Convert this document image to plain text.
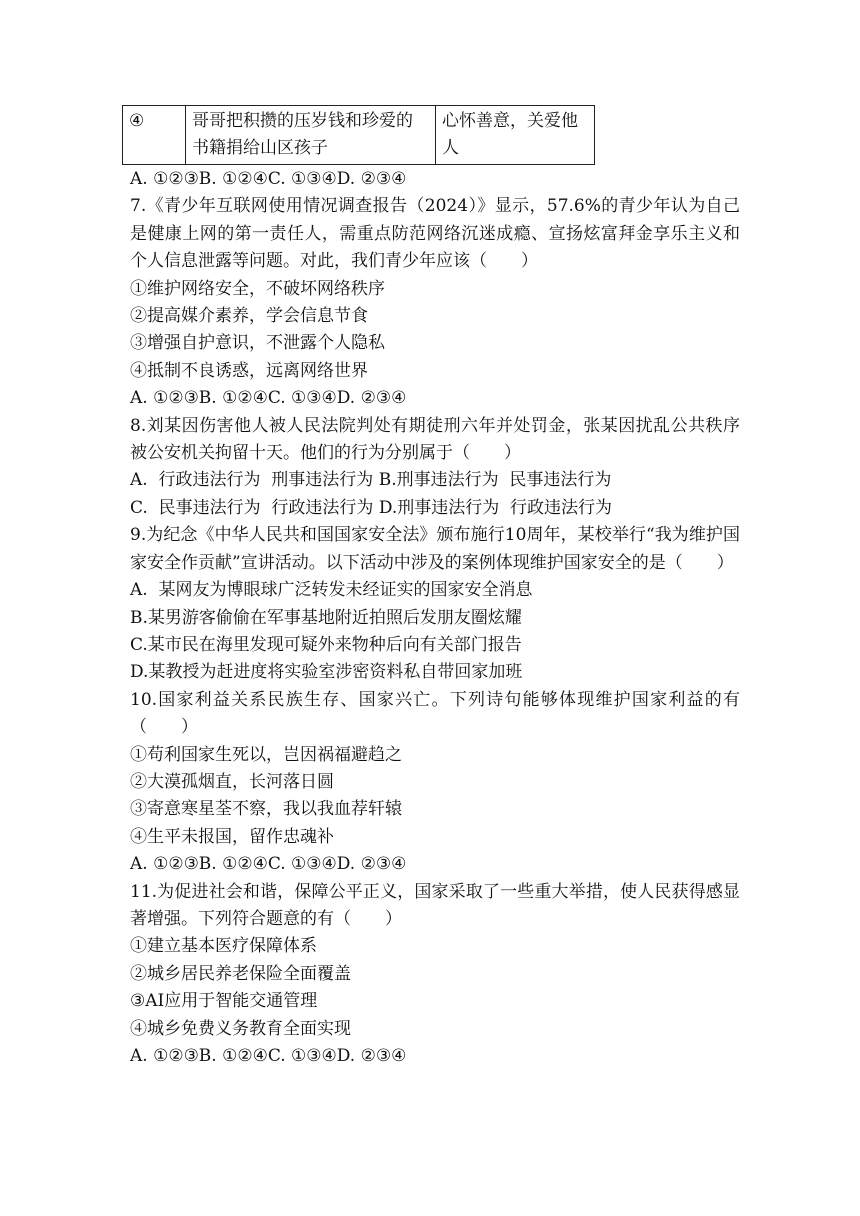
④	哥哥把积攒的压岁钱和珍爱的书籍捐给山区孩子	心怀善意，关爱他人

A. ①②③B. ①②④C. ①③④D. ②③④

7.《青少年互联网使用情况调查报告（2024）》显示，57.6%的青少年认为自己是健康上网的第一责任人，需重点防范网络沉迷成瘾、宣扬炫富拜金享乐主义和个人信息泄露等问题。对此，我们青少年应该（　　）

①维护网络安全，不破坏网络秩序

②提高媒介素养，学会信息节食

③增强自护意识，不泄露个人隐私

④抵制不良诱惑，远离网络世界

A. ①②③B. ①②④C. ①③④D. ②③④

8.刘某因伤害他人被人民法院判处有期徒刑六年并处罚金，张某因扰乱公共秩序被公安机关拘留十天。他们的行为分别属于（　　）

A.  行政违法行为  刑事违法行为 B.刑事违法行为  民事违法行为

C.  民事违法行为  行政违法行为 D.刑事违法行为  行政违法行为

9.为纪念《中华人民共和国国家安全法》颁布施行10周年，某校举行“我为维护国家安全作贡献”宣讲活动。以下活动中涉及的案例体现维护国家安全的是（　　）

A.  某网友为博眼球广泛转发未经证实的国家安全消息

B.某男游客偷偷在军事基地附近拍照后发朋友圈炫耀

C.某市民在海里发现可疑外来物种后向有关部门报告

D.某教授为赶进度将实验室涉密资料私自带回家加班

10.国家利益关系民族生存、国家兴亡。下列诗句能够体现维护国家利益的有（　　）

①苟利国家生死以，岂因祸福避趋之

②大漠孤烟直，长河落日圆

③寄意寒星荃不察，我以我血荐轩辕

④生平未报国，留作忠魂补

A. ①②③B. ①②④C. ①③④D. ②③④

11.为促进社会和谐，保障公平正义，国家采取了一些重大举措，使人民获得感显著增强。下列符合题意的有（　　）

①建立基本医疗保障体系

②城乡居民养老保险全面覆盖

③AI应用于智能交通管理

④城乡免费义务教育全面实现

A. ①②③B. ①②④C. ①③④D. ②③④
